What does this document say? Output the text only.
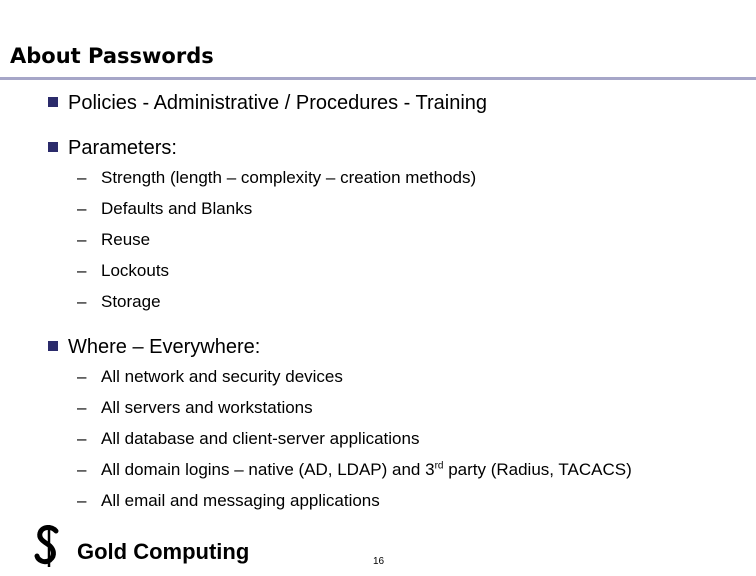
About Passwords
Policies - Administrative / Procedures - Training
Parameters:
– Strength (length – complexity – creation methods)
– Defaults and Blanks
– Reuse
– Lockouts
– Storage
Where – Everywhere:
– All network and security devices
– All servers and workstations
– All database and client-server applications
– All domain logins – native (AD, LDAP) and 3rd party (Radius, TACACS)
– All email and messaging applications
Gold Computing	16
